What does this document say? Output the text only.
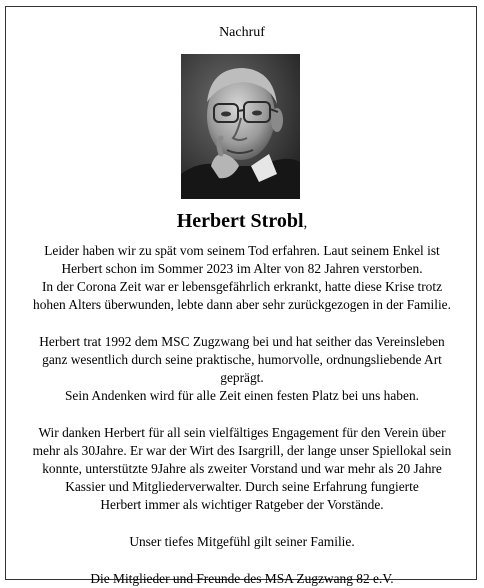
Nachruf
Herbert Strobl,

Leider haben wir zu spät vom seinem Tod erfahren. Laut seinem Enkel ist

Herbert schon im Sommer 2023 im Alter von 82 Jahren verstorben.

In der Corona Zeit war er lebensgefährlich erkrankt, hatte diese Krise trotz

hohen Alters überwunden, lebte dann aber sehr zurückgezogen in der Familie.

Herbert trat 1992 dem MSC Zugzwang bei und hat seither das Vereinsleben

ganz wesentlich durch seine praktische, humorvolle, ordnungsliebende Art

geprägt.

Sein Andenken wird für alle Zeit einen festen Platz bei uns haben.

Wir danken Herbert für all sein vielfältiges Engagement für den Verein über

mehr als 30Jahre. Er war der Wirt des Isargrill, der lange unser Spiellokal sein

konnte, unterstützte 9Jahre als zweiter Vorstand und war mehr als 20 Jahre

Kassier und Mitgliederverwalter. Durch seine Erfahrung fungierte

Herbert immer als wichtiger Ratgeber der Vorstände.

Unser tiefes Mitgefühl gilt seiner Familie.

Die Mitglieder und Freunde des MSA Zugzwang 82 e.V.
